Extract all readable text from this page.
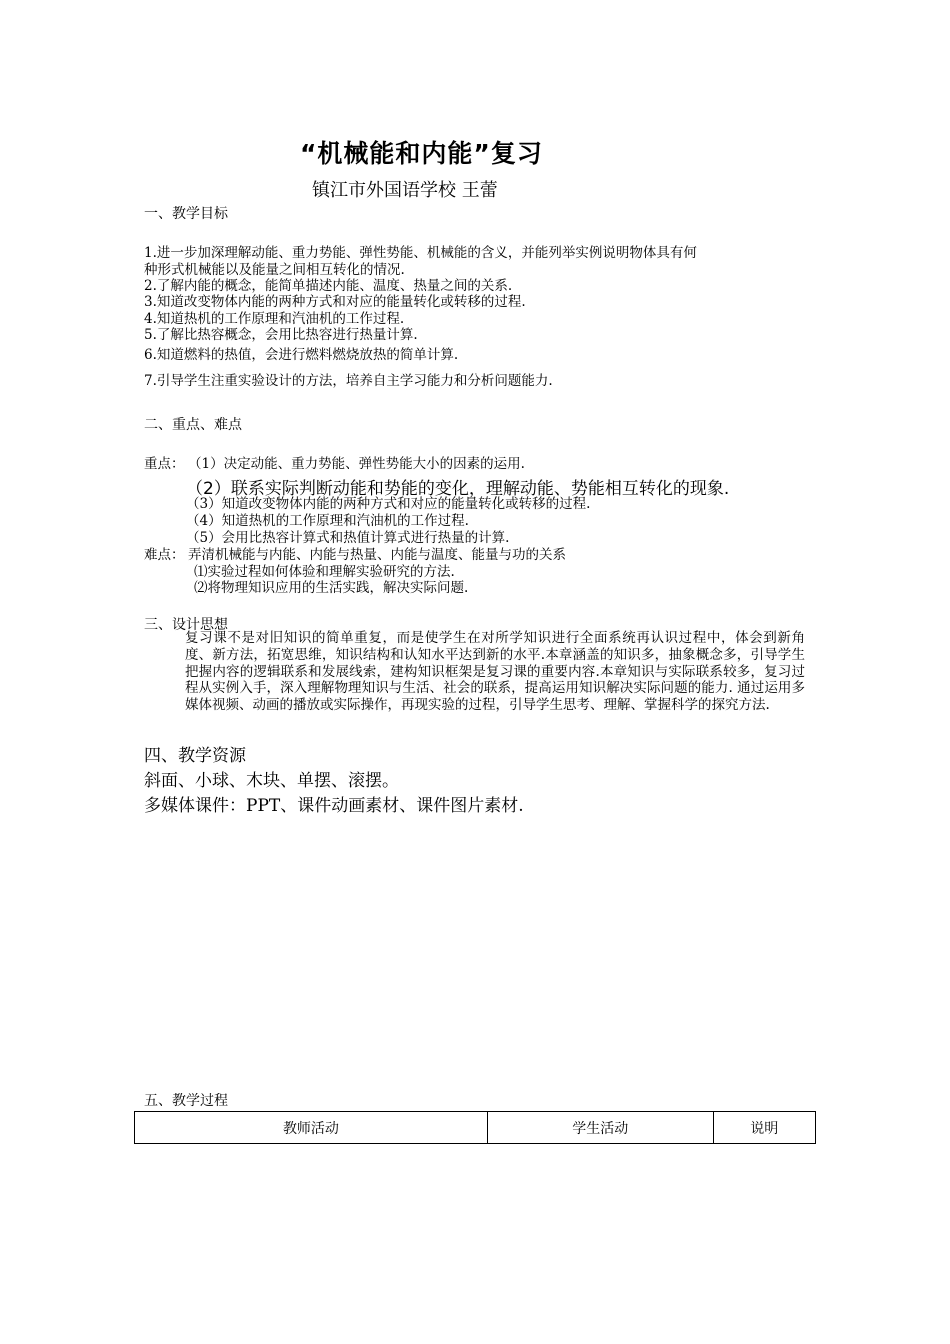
“机械能和内能”复习
镇江市外国语学校 王蕾
一、教学目标
1.进一步加深理解动能、重力势能、弹性势能、机械能的含义，并能列举实例说明物体具有何
种形式机械能以及能量之间相互转化的情况.
2.了解内能的概念，能简单描述内能、温度、热量之间的关系.
3.知道改变物体内能的两种方式和对应的能量转化或转移的过程.
4.知道热机的工作原理和汽油机的工作过程.
5.了解比热容概念，会用比热容进行热量计算.
6.知道燃料的热值，会进行燃料燃烧放热的简单计算.
7.引导学生注重实验设计的方法，培养自主学习能力和分析问题能力.
二、重点、难点
重点： （1）决定动能、重力势能、弹性势能大小的因素的运用.
（2）联系实际判断动能和势能的变化，理解动能、势能相互转化的现象.
（3）知道改变物体内能的两种方式和对应的能量转化或转移的过程.
（4）知道热机的工作原理和汽油机的工作过程.
（5）会用比热容计算式和热值计算式进行热量的计算.
难点： 弄清机械能与内能、内能与热量、内能与温度、能量与功的关系
⑴实验过程如何体验和理解实验研究的方法.
⑵将物理知识应用的生活实践，解决实际问题.
三、设计思想
复习课不是对旧知识的简单重复，而是使学生在对所学知识进行全面系统再认识过程中，体会到新角度、新方法，拓宽思维，知识结构和认知水平达到新的水平.本章涵盖的知识多，抽象概念多，引导学生把握内容的逻辑联系和发展线索，建构知识框架是复习课的重要内容.本章知识与实际联系较多，复习过程从实例入手，深入理解物理知识与生活、社会的联系，提高运用知识解决实际问题的能力. 通过运用多媒体视频、动画的播放或实际操作，再现实验的过程，引导学生思考、理解、掌握科学的探究方法.
四、教学资源
斜面、小球、木块、单摆、滚摆。
多媒体课件：PPT、课件动画素材、课件图片素材.
五、教学过程
教师活动	学生活动	说明
